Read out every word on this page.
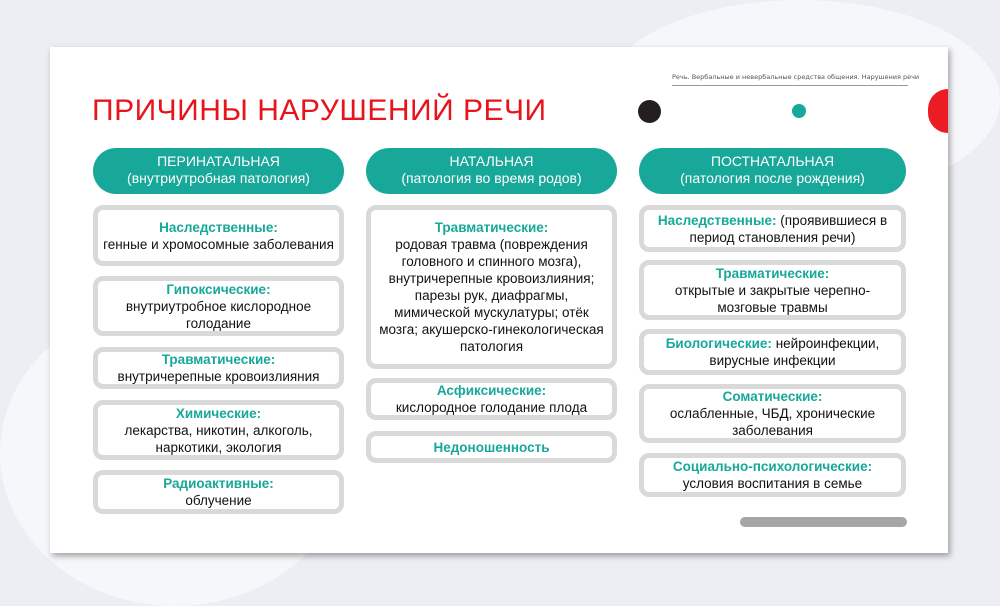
Речь. Вербальные и невербальные средства общения. Нарушения речи
ПРИЧИНЫ НАРУШЕНИЙ РЕЧИ
ПЕРИНАТАЛЬНАЯ
(внутриутробная патология)
Наследственные:
генные и хромосомные заболевания
Гипоксические:
внутриутробное кислородное голодание
Травматические:
внутричерепные кровоизлияния
Химические:
лекарства, никотин, алкоголь, наркотики, экология
Радиоактивные:
облучение
НАТАЛЬНАЯ
(патология во время родов)
Травматические:
родовая травма (повреждения головного и спинного мозга), внутричерепные кровоизлияния; парезы рук, диафрагмы, мимической мускулатуры; отёк мозга; акушерско-гинекологическая патология
Асфиксические:
кислородное голодание плода
Недоношенность
ПОСТНАТАЛЬНАЯ
(патология после рождения)
Наследственные: (проявившиеся в период становления речи)
Травматические:
открытые и закрытые черепно-мозговые травмы
Биологические: нейроинфекции, вирусные инфекции
Соматические:
ослабленные, ЧБД, хронические заболевания
Социально-психологические:
условия воспитания в семье
